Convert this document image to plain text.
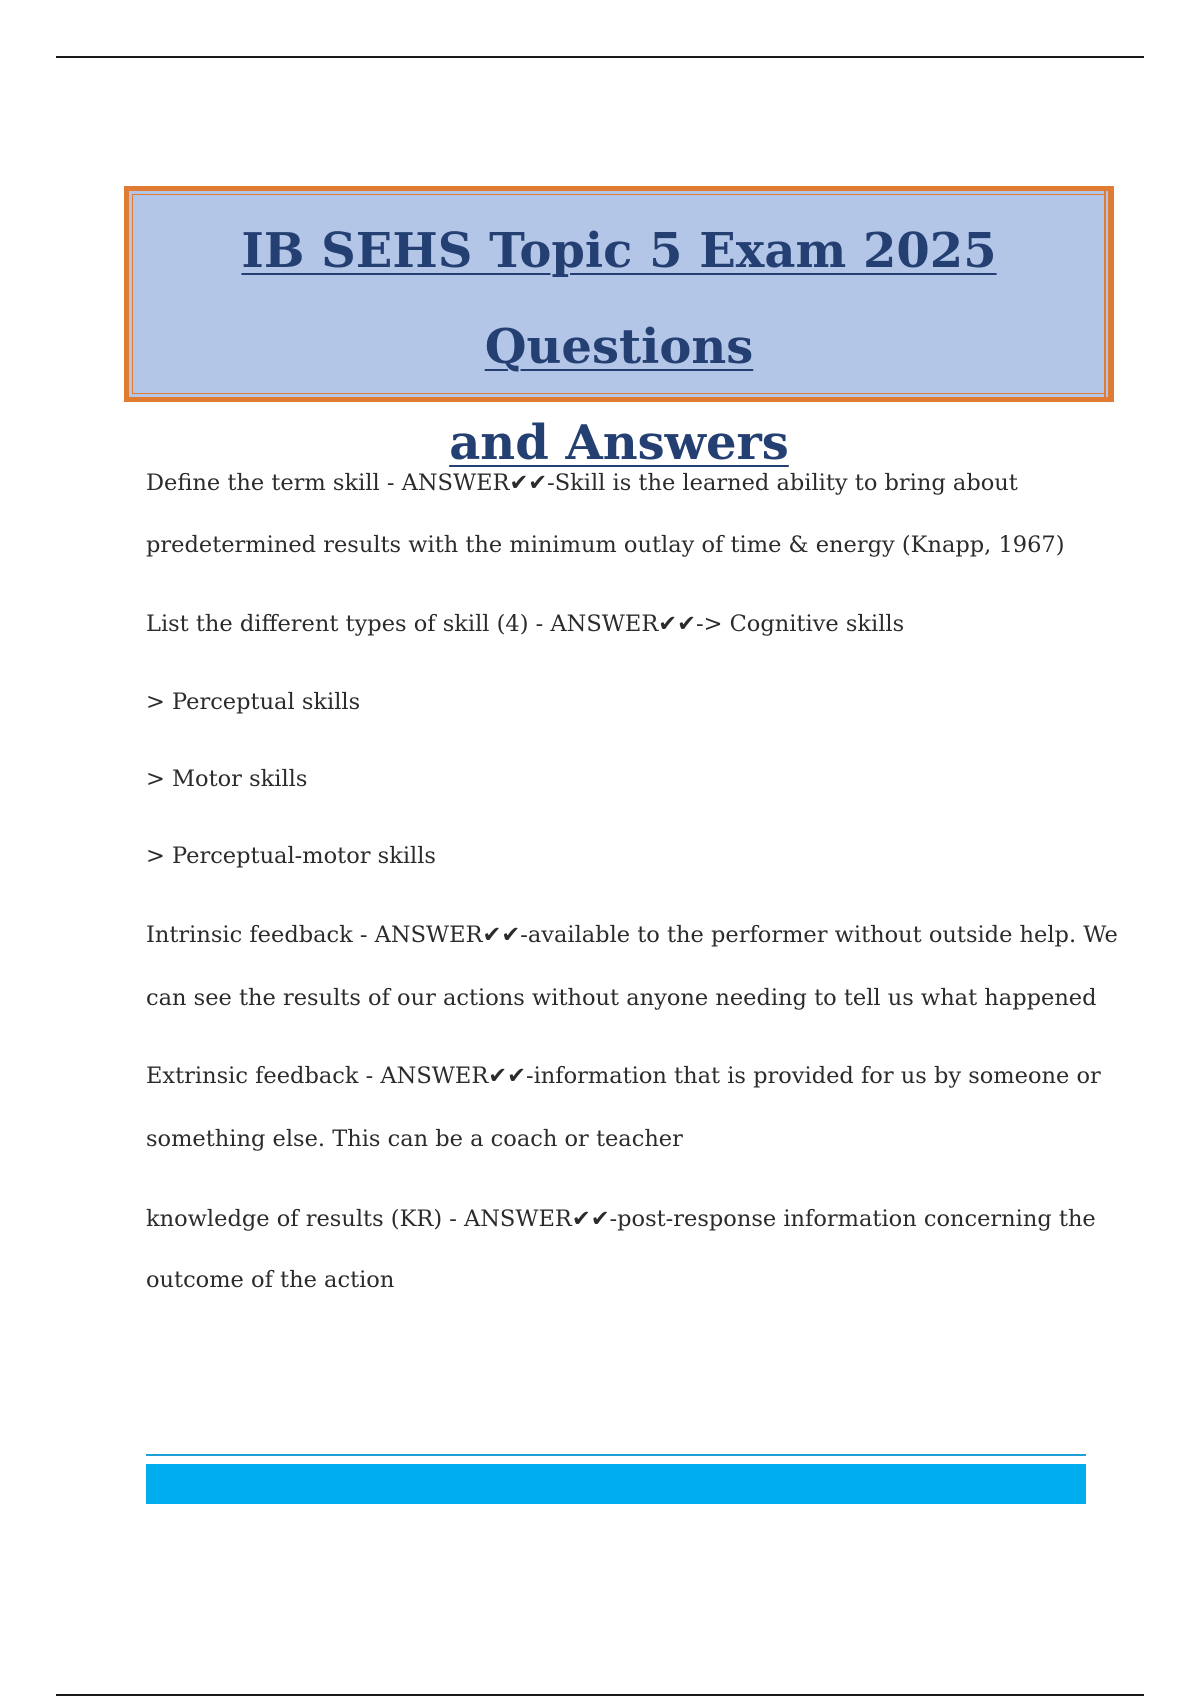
IB SEHS Topic 5 Exam 2025 Questions
and Answers

Define the term skill - ANSWER✔✔-Skill is the learned ability to bring about

predetermined results with the minimum outlay of time & energy (Knapp, 1967)

List the different types of skill (4) - ANSWER✔✔-> Cognitive skills

> Perceptual skills

> Motor skills

> Perceptual-motor skills

Intrinsic feedback - ANSWER✔✔-available to the performer without outside help. We

can see the results of our actions without anyone needing to tell us what happened

Extrinsic feedback - ANSWER✔✔-information that is provided for us by someone or

something else. This can be a coach or teacher

knowledge of results (KR) - ANSWER✔✔-post-response information concerning the

outcome of the action
